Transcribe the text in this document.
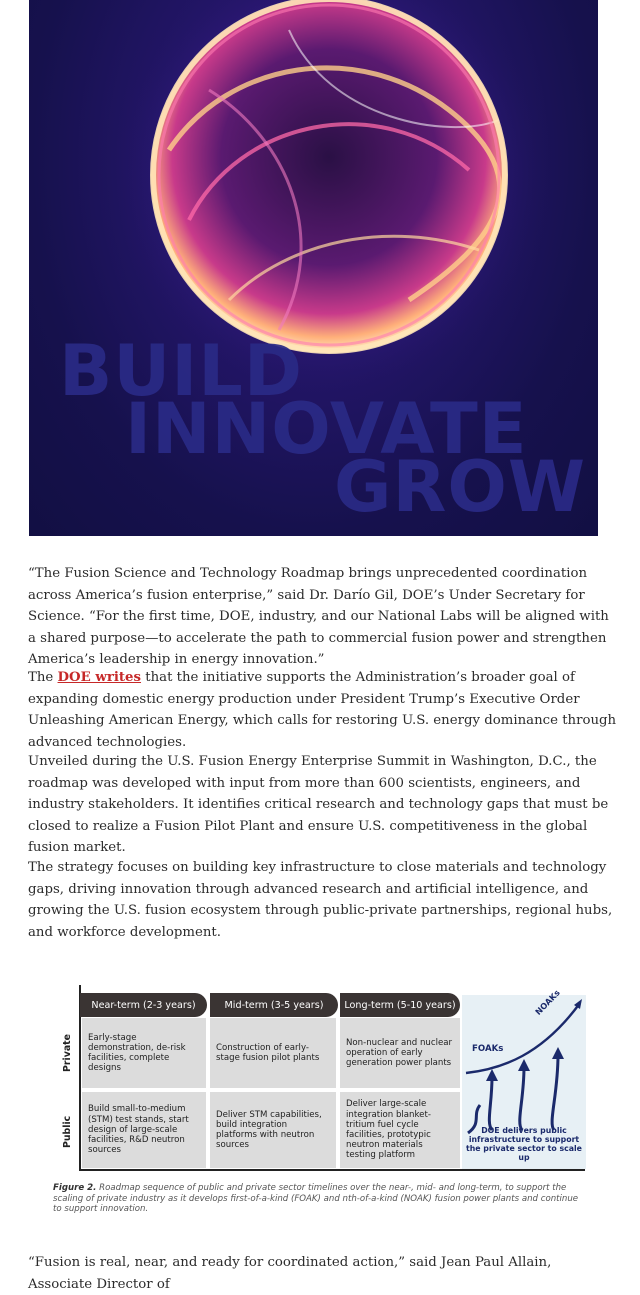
BUILD
INNOVATE
GROW

“The Fusion Science and Technology Roadmap brings unprecedented coordination across America’s fusion enterprise,” said Dr. Darío Gil, DOE’s Under Secretary for Science. “For the first time, DOE, industry, and our National Labs will be aligned with a shared purpose—to accelerate the path to commercial fusion power and strengthen America’s leadership in energy innovation.”

The DOE writes that the initiative supports the Administration’s broader goal of expanding domestic energy production under President Trump’s Executive Order Unleashing American Energy, which calls for restoring U.S. energy dominance through advanced technologies.

Unveiled during the U.S. Fusion Energy Enterprise Summit in Washington, D.C., the roadmap was developed with input from more than 600 scientists, engineers, and industry stakeholders. It identifies critical research and technology gaps that must be closed to realize a Fusion Pilot Plant and ensure U.S. competitiveness in the global fusion market.

The strategy focuses on building key infrastructure to close materials and technology gaps, driving innovation through advanced research and artificial intelligence, and growing the U.S. fusion ecosystem through public-private partnerships, regional hubs, and workforce development.

Near-term (2-3 years)	Mid-term (3-5 years)	Long-term (5-10 years)
Private
Public
Early-stage demonstration, de-risk facilities, complete designs
Construction of early-stage fusion pilot plants
Non-nuclear and nuclear operation of early generation power plants
Build small-to-medium (STM) test stands, start design of large-scale facilities, R&D neutron sources
Deliver STM capabilities, build integration platforms with neutron sources
Deliver large-scale integration blanket-tritium fuel cycle facilities, prototypic neutron materials testing platform
FOAKs
NOAKs
DOE delivers public infrastructure to support the private sector to scale up

Figure 2. Roadmap sequence of public and private sector timelines over the near-, mid- and long-term, to support the scaling of private industry as it develops first-of-a-kind (FOAK) and nth-of-a-kind (NOAK) fusion power plants and continue to support innovation.

“Fusion is real, near, and ready for coordinated action,” said Jean Paul Allain, Associate Director of
